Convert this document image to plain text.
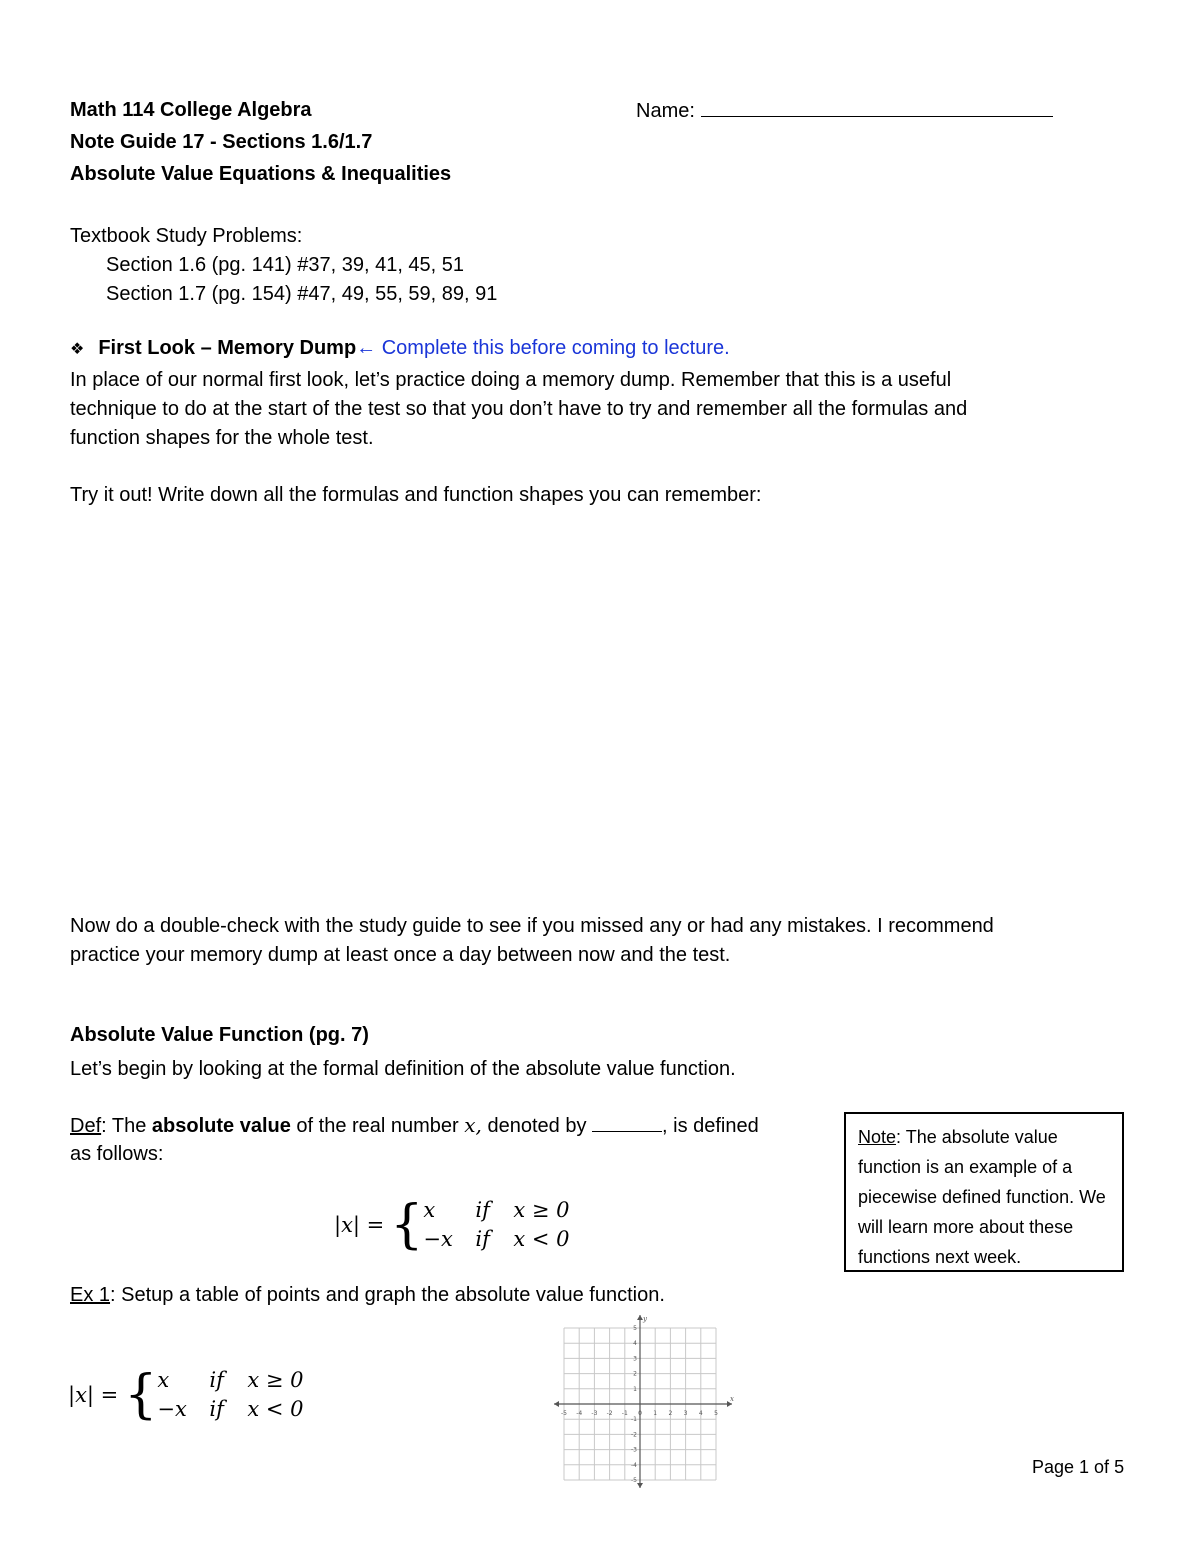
Math 114 College Algebra
Note Guide 17 - Sections 1.6/1.7
Absolute Value Equations & Inequalities
Name:
Textbook Study Problems:
Section 1.6 (pg. 141) #37, 39, 41, 45, 51
Section 1.7 (pg. 154) #47, 49, 55, 59, 89, 91
❖ First Look – Memory Dump← Complete this before coming to lecture.
In place of our normal first look, let’s practice doing a memory dump. Remember that this is a useful
technique to do at the start of the test so that you don’t have to try and remember all the formulas and
function shapes for the whole test.
Try it out! Write down all the formulas and function shapes you can remember:
Now do a double-check with the study guide to see if you missed any or had any mistakes. I recommend
practice your memory dump at least once a day between now and the test.
Absolute Value Function (pg. 7)
Let’s begin by looking at the formal definition of the absolute value function.
Def: The absolute value of the real number x, denoted by	, is defined
as follows:
|x| = { x	if	x ≥ 0
−x	if	x < 0

Note: The absolute value function is an example of a piecewise defined function. We will learn more about these functions next week.

Ex 1: Setup a table of points and graph the absolute value function.
|x| = { x	if	x ≥ 0
−x	if	x < 0	-5 -4 -3 -2 -1 0 1 2 3 4 5
5
4
3
2
1
-1
-2
-3
-4
-5
x
y
Page 1 of 5
